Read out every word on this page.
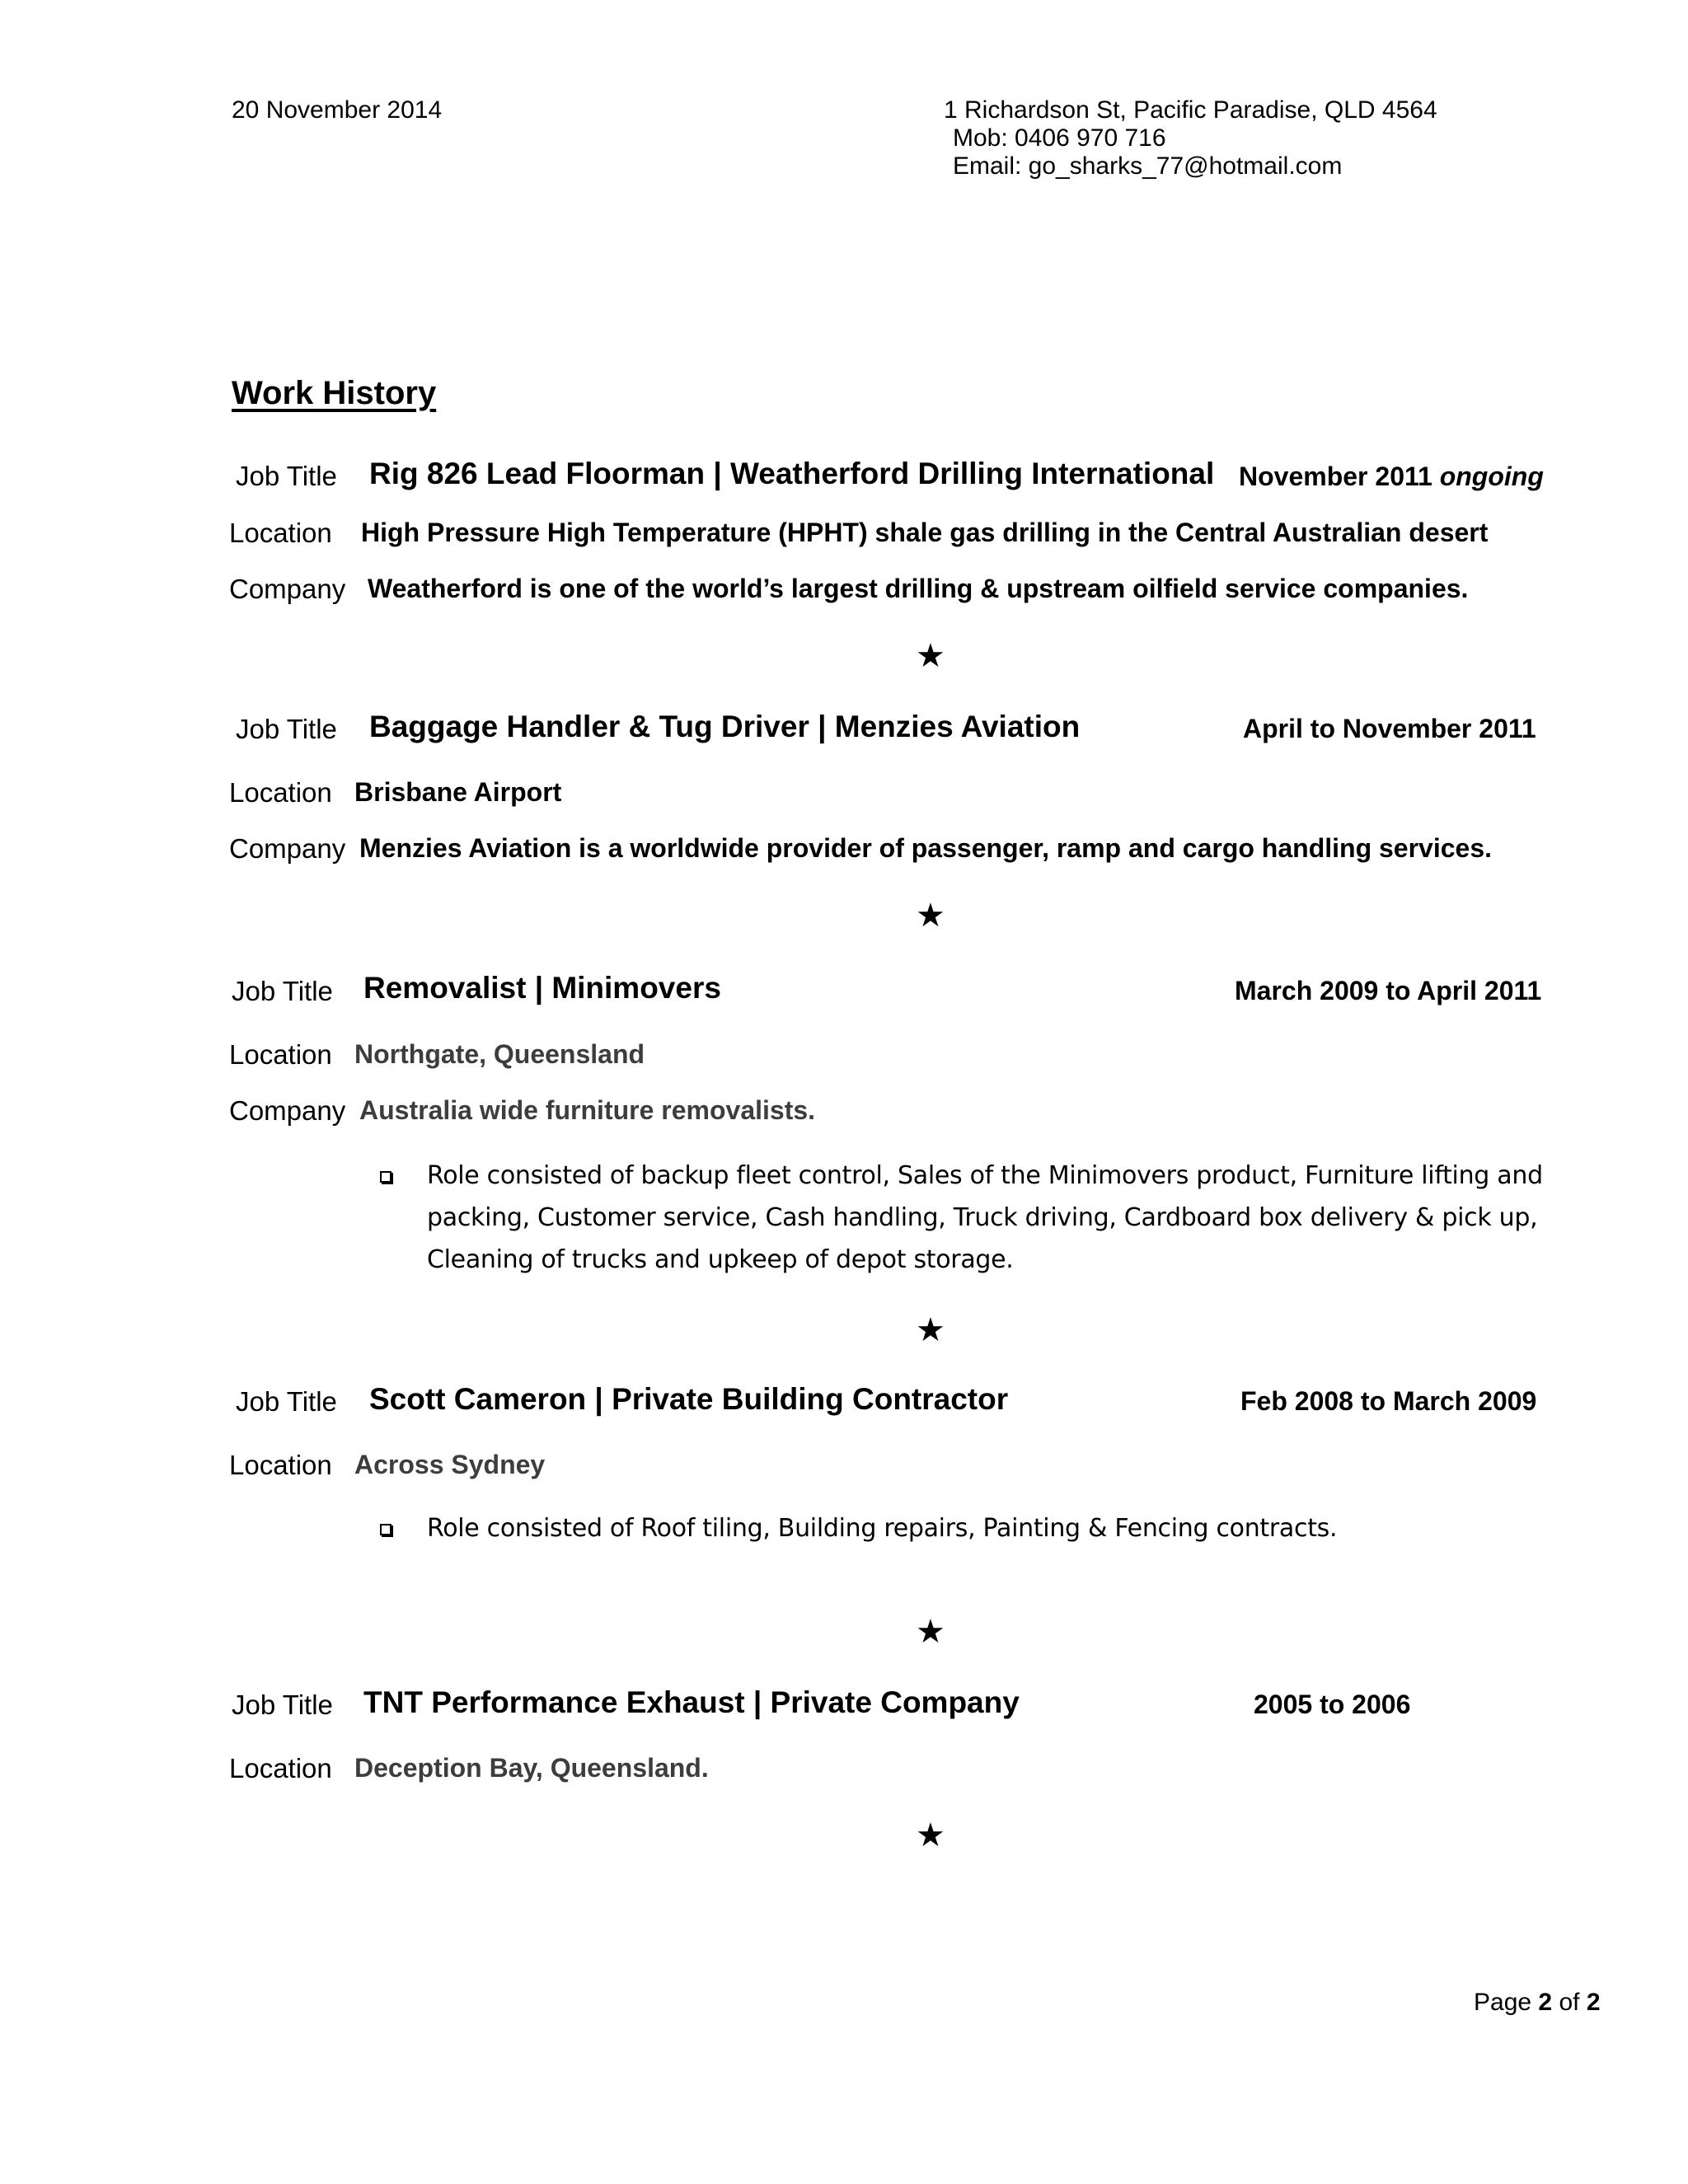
20 November 2014	1 Richardson St, Pacific Paradise, QLD 4564
Mob: 0406 970 716
Email: go_sharks_77@hotmail.com
Work History
Job Title Rig 826 Lead Floorman | Weatherford Drilling International November 2011 ongoing
Location High Pressure High Temperature (HPHT) shale gas drilling in the Central Australian desert
Company Weatherford is one of the world’s largest drilling & upstream oilfield service companies.
★
Job Title Baggage Handler & Tug Driver | Menzies Aviation	April to November 2011
Location Brisbane Airport
Company Menzies Aviation is a worldwide provider of passenger, ramp and cargo handling services.
★
Job Title Removalist | Minimovers	March 2009 to April 2011
Location Northgate, Queensland
Company Australia wide furniture removalists.
Role consisted of backup fleet control, Sales of the Minimovers product, Furniture lifting and packing, Customer service, Cash handling, Truck driving, Cardboard box delivery & pick up, Cleaning of trucks and upkeep of depot storage.
★
Job Title Scott Cameron | Private Building Contractor	Feb 2008 to March 2009
Location Across Sydney
Role consisted of Roof tiling, Building repairs, Painting & Fencing contracts.
★
Job Title TNT Performance Exhaust | Private Company	2005 to 2006
Location Deception Bay, Queensland.
★
Page 2 of 2
